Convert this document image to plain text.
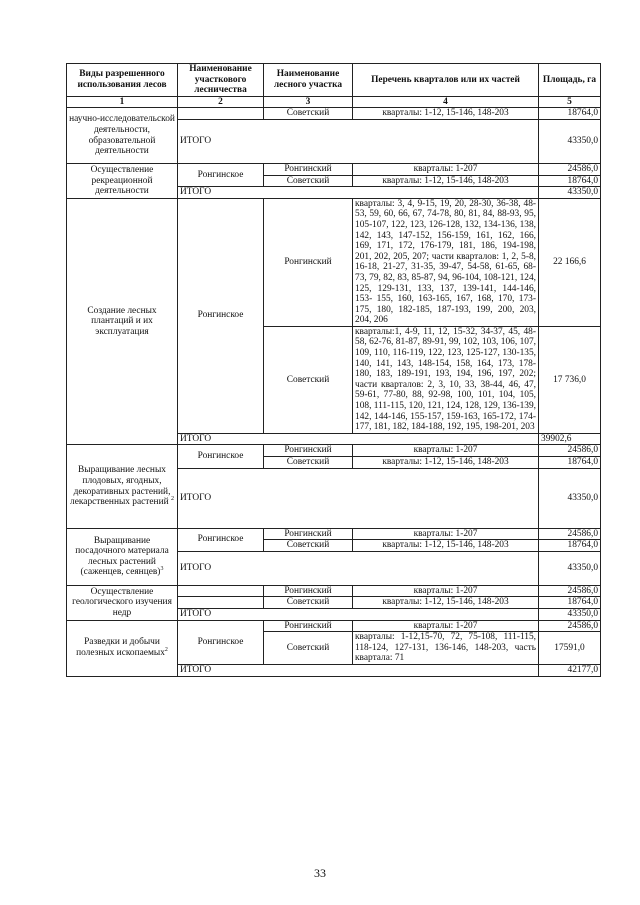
Виды разрешенного использования лесов	Наименование участкового лесничества	Наименование лесного участка	Перечень кварталов или их частей	Площадь, га
1	2	3	4	5
научно-исследовательской деятельности, образовательной деятельности		Советский	кварталы: 1-12, 15-146, 148-203	18764,0
	ИТОГО			43350,0
Осуществление рекреационной деятельности	Ронгинское	Ронгинский	кварталы: 1-207	24586,0
		Советский	кварталы: 1-12, 15-146, 148-203	18764,0
	ИТОГО			43350,0
Создание лесных плантаций и их эксплуатация	Ронгинское	Ронгинский	кварталы: 3, 4, 9-15, 19, 20, 28-30, 36-38, 48-53, 59, 60, 66, 67, 74-78, 80, 81, 84, 88-93, 95, 105-107, 122, 123, 126-128, 132, 134-136, 138, 142, 143, 147-152, 156-159, 161, 162, 166, 169, 171, 172, 176-179, 181, 186, 194-198, 201, 202, 205, 207; части кварталов: 1, 2, 5-8, 16-18, 21-27, 31-35, 39-47, 54-58, 61-65, 68-73, 79, 82, 83, 85-87, 94, 96-104, 108-121, 124, 125, 129-131, 133, 137, 139-141, 144-146, 153- 155, 160, 163-165, 167, 168, 170, 173-175, 180, 182-185, 187-193, 199, 200, 203, 204, 206	22 166,6
		Советский	кварталы:1, 4-9, 11, 12, 15-32, 34-37, 45, 48-58, 62-76, 81-87, 89-91, 99, 102, 103, 106, 107, 109, 110, 116-119, 122, 123, 125-127, 130-135, 140, 141, 143, 148-154, 158, 164, 173, 178-180, 183, 189-191, 193, 194, 196, 197, 202; части кварталов: 2, 3, 10, 33, 38-44, 46, 47, 59-61, 77-80, 88, 92-98, 100, 101, 104, 105, 108, 111-115, 120, 121, 124, 128, 129, 136-139, 142, 144-146, 155-157, 159-163, 165-172, 174-177, 181, 182, 184-188, 192, 195, 198-201, 203	17 736,0
	ИТОГО			39902,6
Выращивание лесных плодовых, ягодных, декоративных растений, лекарственных растений $^2$	Ронгинское	Ронгинский	кварталы: 1-207	24586,0
		Советский	кварталы: 1-12, 15-146, 148-203	18764,0
	ИТОГО			43350,0
Выращивание посадочного материала лесных растений (саженцев, сеянцев)$^3$	Ронгинское	Ронгинский	кварталы: 1-207	24586,0
		Советский	кварталы: 1-12, 15-146, 148-203	18764,0
	ИТОГО			43350,0
Осуществление геологического изучения недр		Ронгинский	кварталы: 1-207	24586,0
		Советский	кварталы: 1-12, 15-146, 148-203	18764,0
	ИТОГО			43350,0
Разведки и добычи полезных ископаемых$^2$	Ронгинское	Ронгинский	кварталы: 1-207	24586,0
		Советский	кварталы: 1-12,15-70, 72, 75-108, 111-115, 118-124, 127-131, 136-146, 148-203, часть квартала: 71	17591,0
	ИТОГО			42177,0
33
